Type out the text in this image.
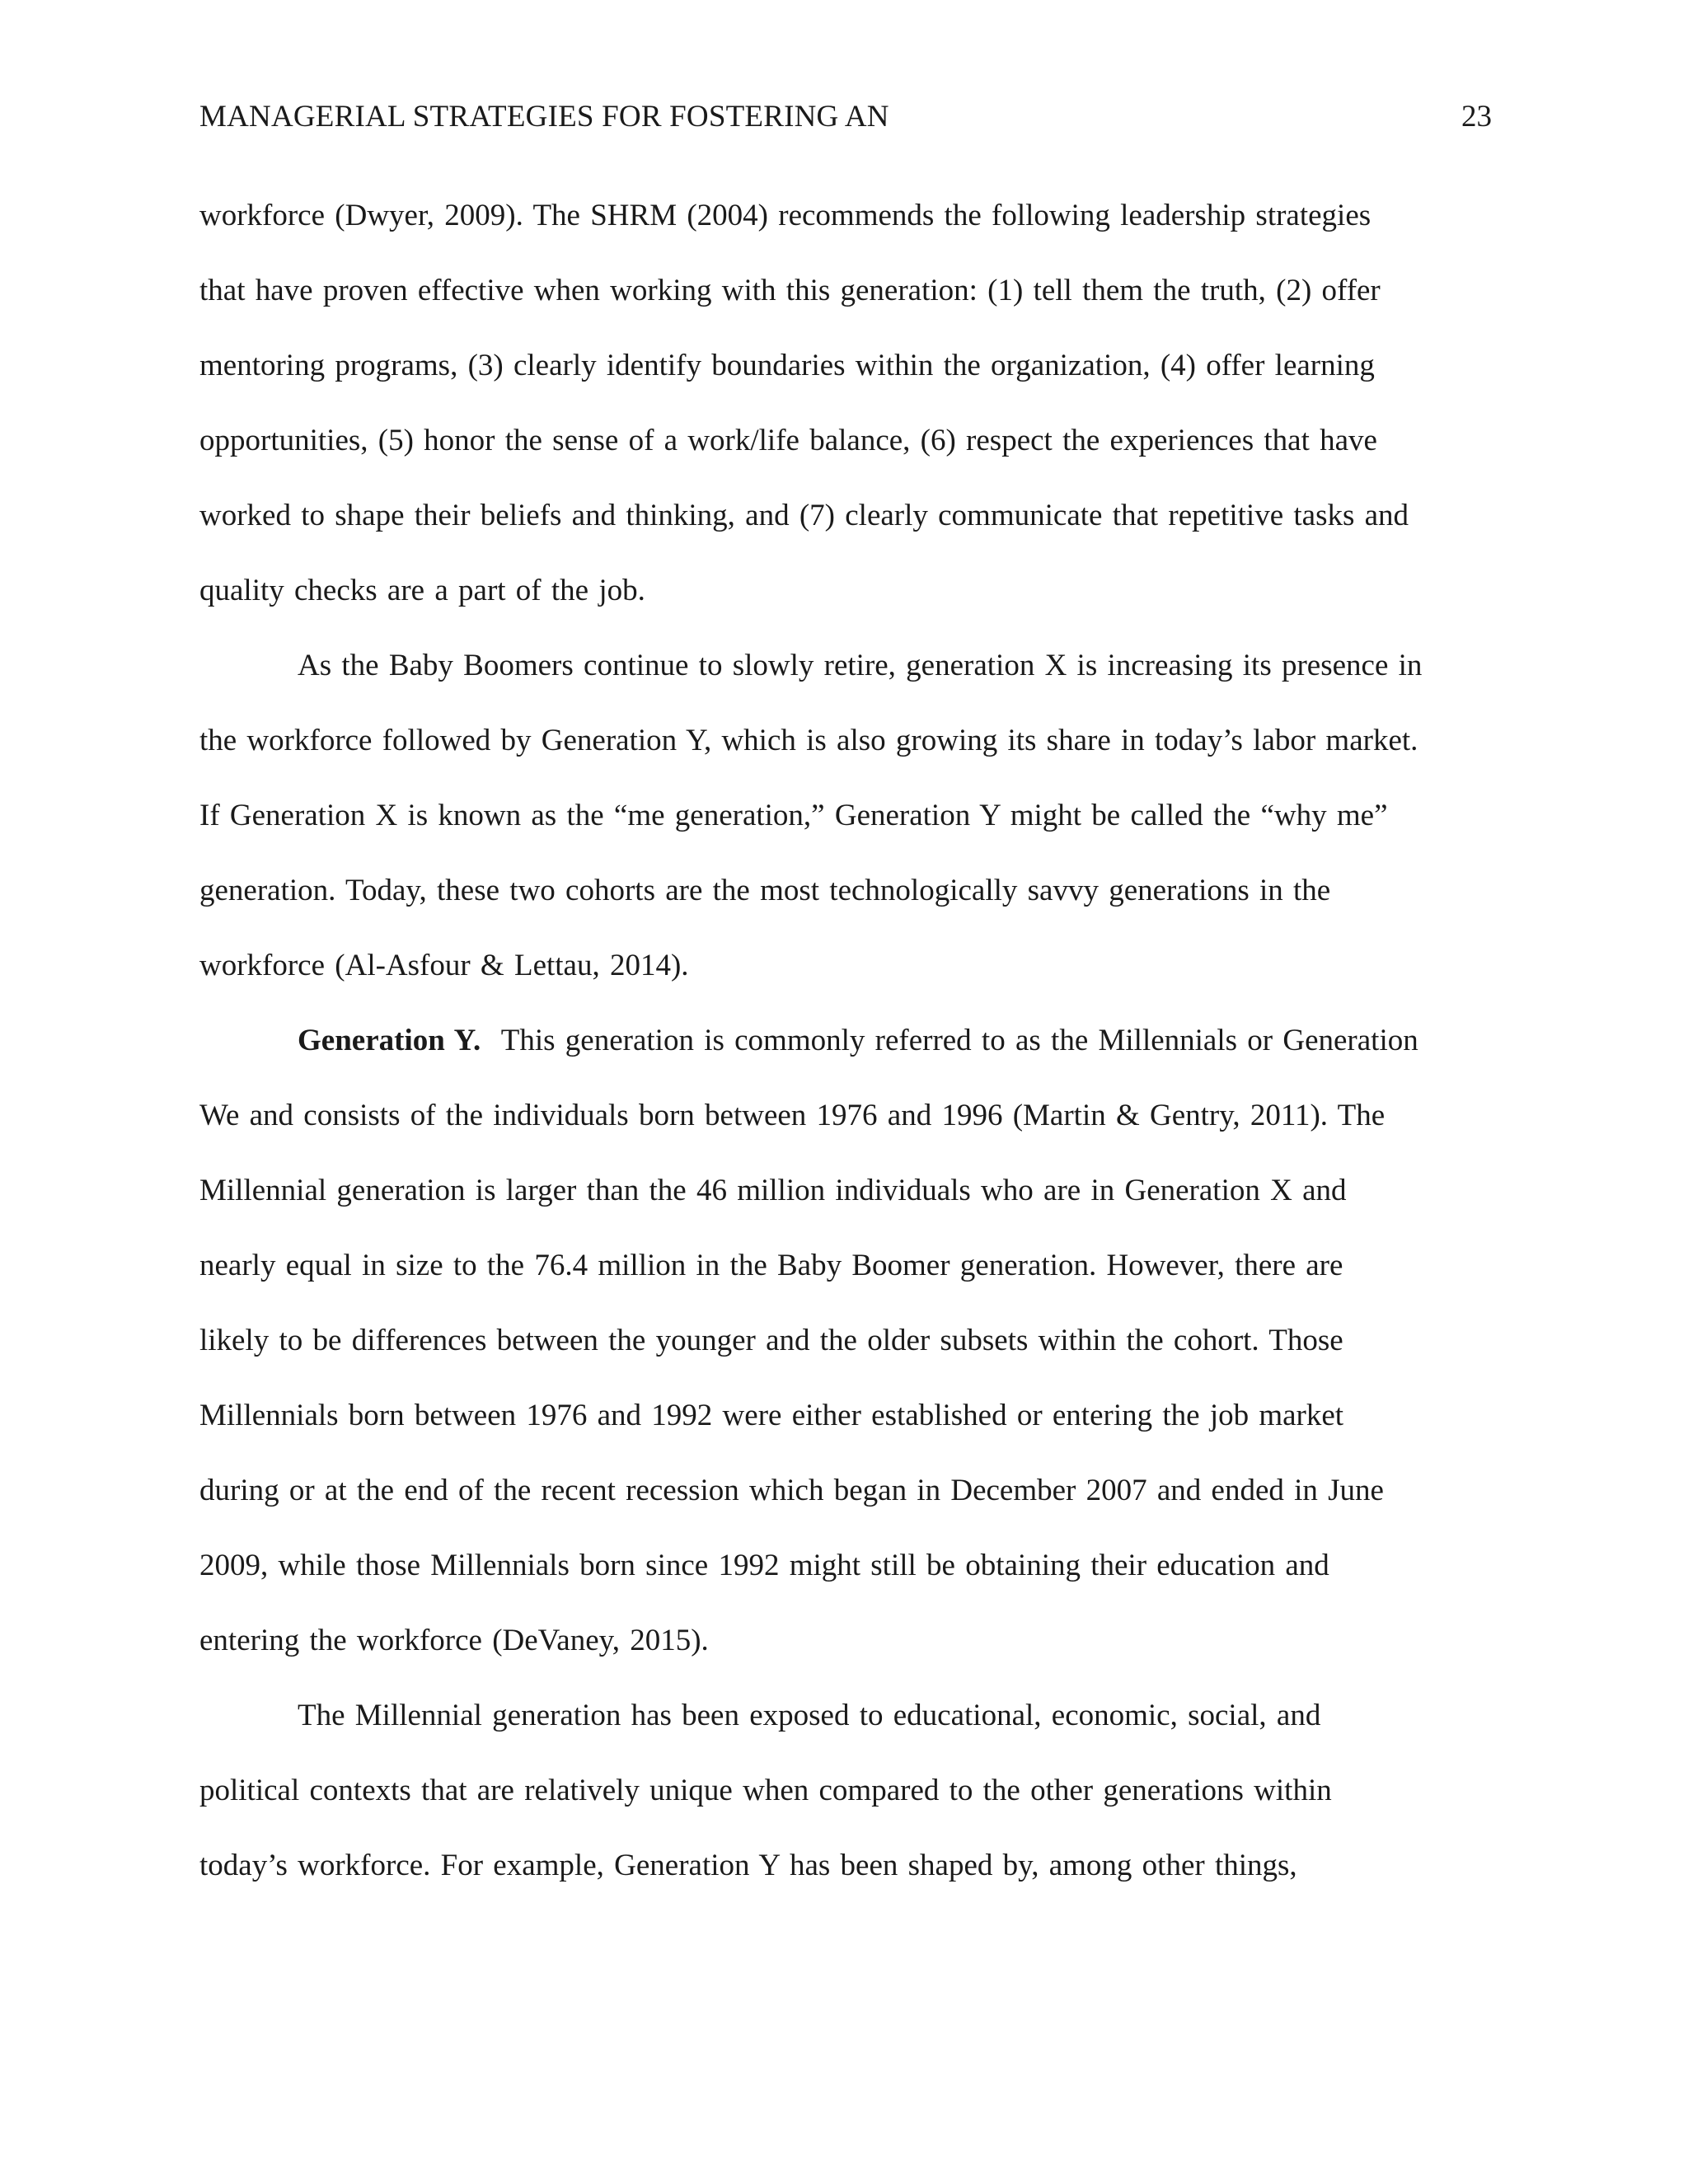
MANAGERIAL STRATEGIES FOR FOSTERING AN	23
workforce (Dwyer, 2009). The SHRM (2004) recommends the following leadership strategies
that have proven effective when working with this generation: (1) tell them the truth, (2) offer
mentoring programs, (3) clearly identify boundaries within the organization, (4) offer learning
opportunities, (5) honor the sense of a work/life balance, (6) respect the experiences that have
worked to shape their beliefs and thinking, and (7) clearly communicate that repetitive tasks and
quality checks are a part of the job.
As the Baby Boomers continue to slowly retire, generation X is increasing its presence in
the workforce followed by Generation Y, which is also growing its share in today’s labor market.
If Generation X is known as the “me generation,” Generation Y might be called the “why me”
generation. Today, these two cohorts are the most technologically savvy generations in the
workforce (Al-Asfour & Lettau, 2014).
Generation Y. This generation is commonly referred to as the Millennials or Generation
We and consists of the individuals born between 1976 and 1996 (Martin & Gentry, 2011). The
Millennial generation is larger than the 46 million individuals who are in Generation X and
nearly equal in size to the 76.4 million in the Baby Boomer generation. However, there are
likely to be differences between the younger and the older subsets within the cohort. Those
Millennials born between 1976 and 1992 were either established or entering the job market
during or at the end of the recent recession which began in December 2007 and ended in June
2009, while those Millennials born since 1992 might still be obtaining their education and
entering the workforce (DeVaney, 2015).
The Millennial generation has been exposed to educational, economic, social, and
political contexts that are relatively unique when compared to the other generations within
today’s workforce. For example, Generation Y has been shaped by, among other things,
